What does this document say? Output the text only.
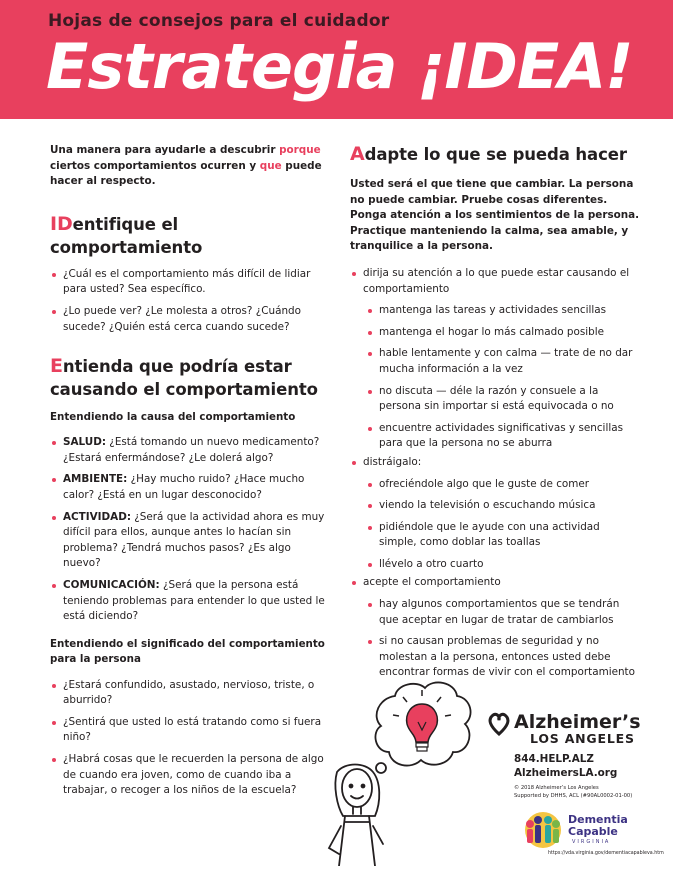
Hojas de consejos para el cuidador
Estrategia ¡IDEA!

Una manera para ayudarle a descubrir porque ciertos comportamientos ocurren y que puede hacer al respecto.

IDentifique el comportamiento
¿Cuál es el comportamiento más difícil de lidiar para usted? Sea específico.
¿Lo puede ver? ¿Le molesta a otros? ¿Cuándo sucede? ¿Quién está cerca cuando sucede?
Entienda que podría estar causando el comportamiento
Entendiendo la causa del comportamiento
SALUD: ¿Está tomando un nuevo medicamento? ¿Estará enfermándose? ¿Le dolerá algo?
AMBIENTE: ¿Hay mucho ruido? ¿Hace mucho calor? ¿Está en un lugar desconocido?
ACTIVIDAD: ¿Será que la actividad ahora es muy difícil para ellos, aunque antes lo hacían sin problema? ¿Tendrá muchos pasos? ¿Es algo nuevo?
COMUNICACIÓN: ¿Será que la persona está teniendo problemas para entender lo que usted le está diciendo?
Entendiendo el significado del comportamiento para la persona
¿Estará confundido, asustado, nervioso, triste, o aburrido?
¿Sentirá que usted lo está tratando como si fuera niño?
¿Habrá cosas que le recuerden la persona de algo de cuando era joven, como de cuando iba a trabajar, o recoger a los niños de la escuela?
Adapte lo que se pueda hacer

Usted será el que tiene que cambiar. La persona no puede cambiar. Pruebe cosas diferentes. Ponga atención a los sentimientos de la persona. Practique manteniendo la calma, sea amable, y tranquilice a la persona.

dirija su atención a lo que puede estar causando el comportamiento
mantenga las tareas y actividades sencillas
mantenga el hogar lo más calmado posible
hable lentamente y con calma — trate de no dar mucha información a la vez
no discuta — déle la razón y consuele a la persona sin importar si está equivocada o no
encuentre actividades significativas y sencillas para que la persona no se aburra
distráigalo:
ofreciéndole algo que le guste de comer
viendo la televisión o escuchando música
pidiéndole que le ayude con una actividad simple, como doblar las toallas
llévelo a otro cuarto
acepte el comportamiento
hay algunos comportamientos que se tendrán que aceptar en lugar de tratar de cambiarlos
si no causan problemas de seguridad y no molestan a la persona, entonces usted debe encontrar formas de vivir con el comportamiento
Alzheimer’s
LOS ANGELES
844.HELP.ALZ
AlzheimersLA.org
© 2018 Alzheimer’s Los Angeles
Supported by DHHS, ACL (#90AL0002-01-00)
Dementia
Capable
VIRGINIA
https://vda.virginia.gov/dementiacapableva.htm
